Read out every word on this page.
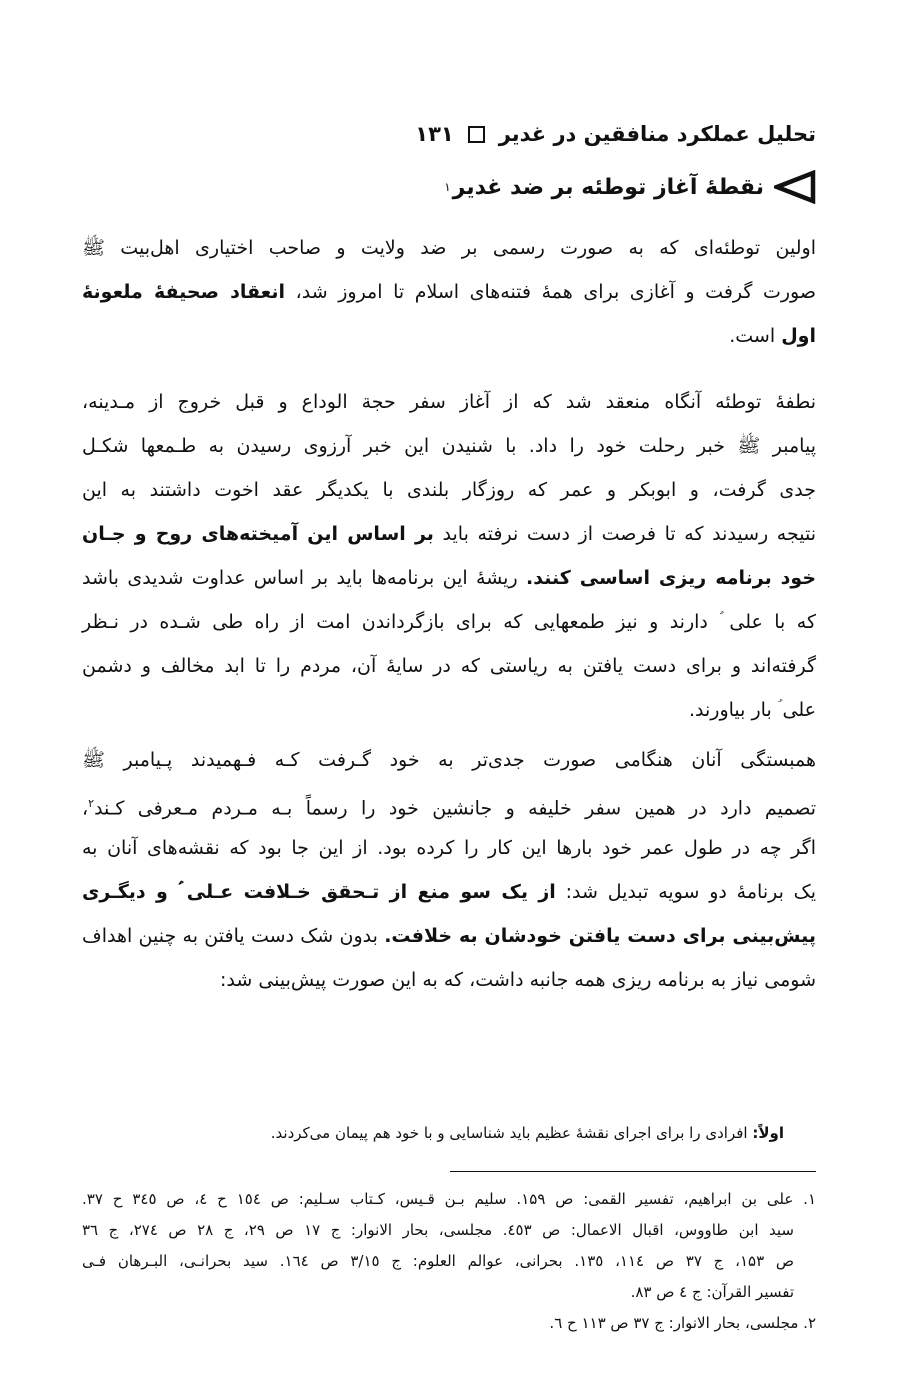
تحلیل عملکرد منافقین در غدیر
۱۳۱
نقطهٔ آغاز توطئه بر ضد غدیر
۱
اولین توطئه‌ای که به صورت رسمی بر ضد ولایت و صاحب اختیاری اهل‌بیت ﷺ
صورت گرفت و آغازی برای همهٔ فتنه‌های اسلام تا امروز شد، انعقاد صحیفهٔ ملعونهٔ
اول است.
نطفهٔ توطئه آنگاه منعقد شد که از آغاز سفر حجة الوداع و قبل خروج از مـدینه،
پیامبر ﷺ خبر رحلت خود را داد. با شنیدن این خبر آرزوی رسیدن به طـمعها شکـل
جدی گرفت، و ابوبکر و عمر که روزگار بلندی با یکدیگر عقد اخوت داشتند به این
نتیجه رسیدند که تا فرصت از دست نرفته باید بر اساس این آمیخته‌های روح و جـان
خود برنامه ریزی اساسی کنند. ریشهٔ این برنامه‌ها باید بر اساس عداوت شدیدی باشد
که با علی ؑ دارند و نیز طمعهایی که برای بازگرداندن امت از راه طی شـده در نـظر
گرفته‌اند و برای دست یافتن به ریاستی که در سایهٔ آن، مردم را تا ابد مخالف و دشمن
علی ؑ بار بیاورند.
همبستگی آنان هنگامی صورت جدی‌تر به خود گـرفت کـه فـهمیدند پـیامبر ﷺ
تصمیم دارد در همین سفر خلیفه و جانشین خود را رسماً بـه مـردم مـعرفی کـند$^۲$،
اگر چه در طول عمر خود بارها این کار را کرده بود. از این جا بود که نقشه‌های آنان به
یک برنامهٔ دو سویه تبدیل شد: از یک سو منع از تـحقق خـلافت عـلی ؑ و دیگـری
پیش‌بینی برای دست یافتن خودشان به خلافت. بدون شک دست یافتن به چنین اهداف
شومی نیاز به برنامه ریزی همه جانبه داشت، که به این صورت پیش‌بینی شد:
اولاً: افرادی را برای اجرای نقشهٔ عظیم باید شناسایی و با خود هم پیمان می‌کردند.
۱. علی بن ابراهیم، تفسیر القمی: ص ۱۵۹. سلیم بـن قـیس، کـتاب سـلیم: ص ١٥٤ ح ٤، ص ٣٤٥ ح ٣٧.
سید ابن طاووس، اقبال الاعمال: ص ٤٥٣. مجلسی، بحار الانوار: ج ۱۷ ص ۲۹، ج ۲۸ ص ۲۷٤، ج ٣٦
ص ۱۵۳، ج ۳۷ ص ١١٤، ١٣٥. بحرانی، عوالم العلوم: ج ٣/١٥ ص ١٦٤. سید بحرانـی، البـرهان فـی
تفسیر القرآن: ج ٤ ص ۸۳.
۲. مجلسی، بحار الانوار: ج ۳۷ ص ۱۱۳ ح ٦.
